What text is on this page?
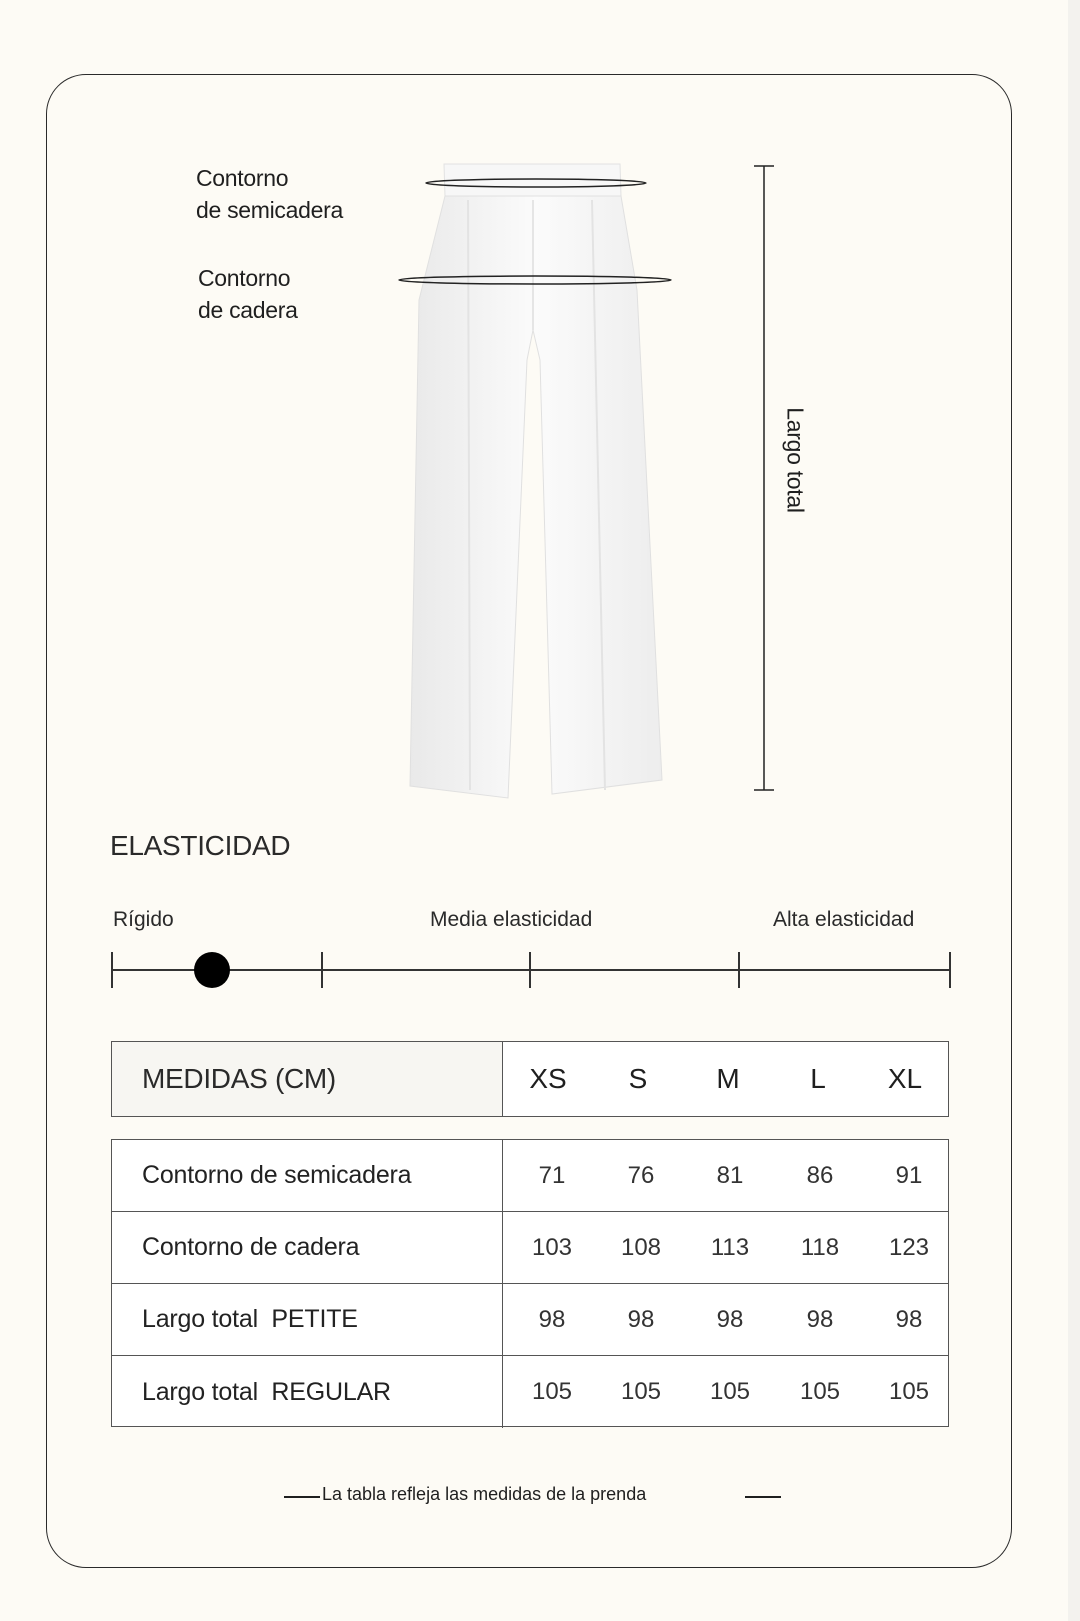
Contorno
de semicadera
Contorno
de cadera
Largo total
ELASTICIDAD
Rígido	Media elasticidad	Alta elasticidad
MEDIDAS (CM)	XS	S	M	L	XL
Contorno de semicadera	71	76	81	86	91
Contorno de cadera	103	108	113	118	123
Largo total  PETITE	98	98	98	98	98
Largo total  REGULAR	105	105	105	105	105
La tabla refleja las medidas de la prenda
